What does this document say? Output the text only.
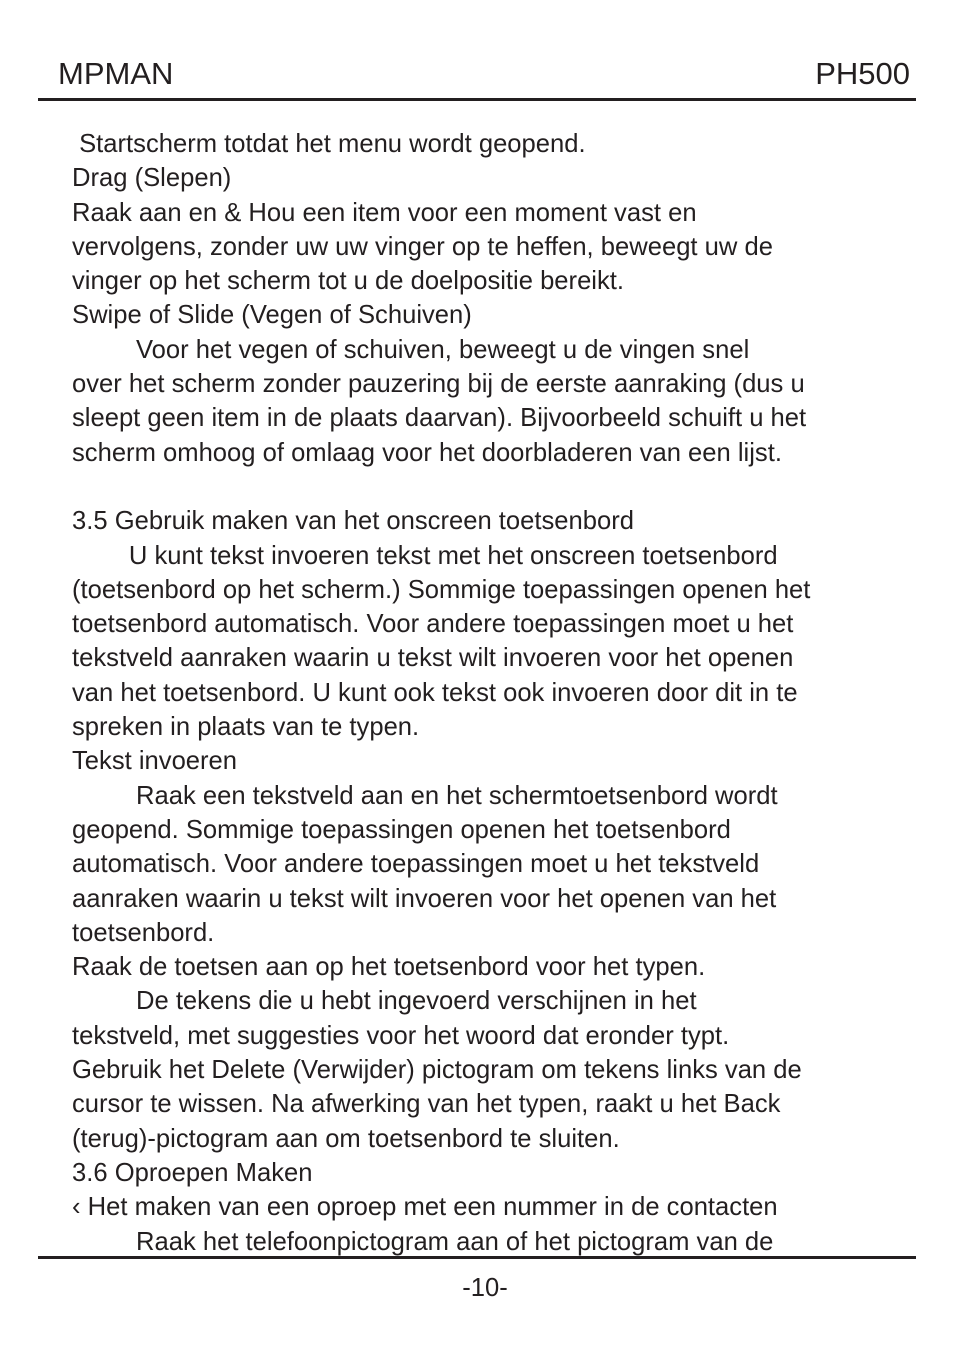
MPMAN	PH500

Startscherm totdat het menu wordt geopend.

Drag (Slepen)

Raak aan en & Hou een item voor een moment vast en

vervolgens, zonder uw uw vinger op te heffen, beweegt uw de

vinger op het scherm tot u de doelpositie bereikt.

Swipe of Slide (Vegen of Schuiven)

Voor het vegen of schuiven, beweegt u de vingen snel

over het scherm zonder pauzering bij de eerste aanraking (dus u

sleept geen item in de plaats daarvan). Bijvoorbeeld schuift u het

scherm omhoog of omlaag voor het doorbladeren van een lijst.

3.5 Gebruik maken van het onscreen toetsenbord

U kunt tekst invoeren tekst met het onscreen toetsenbord

(toetsenbord op het scherm.) Sommige toepassingen openen het

toetsenbord automatisch. Voor andere toepassingen moet u het

tekstveld aanraken waarin u tekst wilt invoeren voor het openen

van het toetsenbord. U kunt ook tekst ook invoeren door dit in te

spreken in plaats van te typen.

Tekst invoeren

Raak een tekstveld aan en het schermtoetsenbord wordt

geopend. Sommige toepassingen openen het toetsenbord

automatisch. Voor andere toepassingen moet u het tekstveld

aanraken waarin u tekst wilt invoeren voor het openen van het

toetsenbord.

Raak de toetsen aan op het toetsenbord voor het typen.

De tekens die u hebt ingevoerd verschijnen in het

tekstveld, met suggesties voor het woord dat eronder typt.

Gebruik het Delete (Verwijder) pictogram om tekens links van de

cursor te wissen. Na afwerking van het typen, raakt u het Back

(terug)-pictogram aan om toetsenbord te sluiten.

3.6 Oproepen Maken

‹ Het maken van een oproep met een nummer in de contacten

Raak het telefoonpictogram aan of het pictogram van de

-10-
